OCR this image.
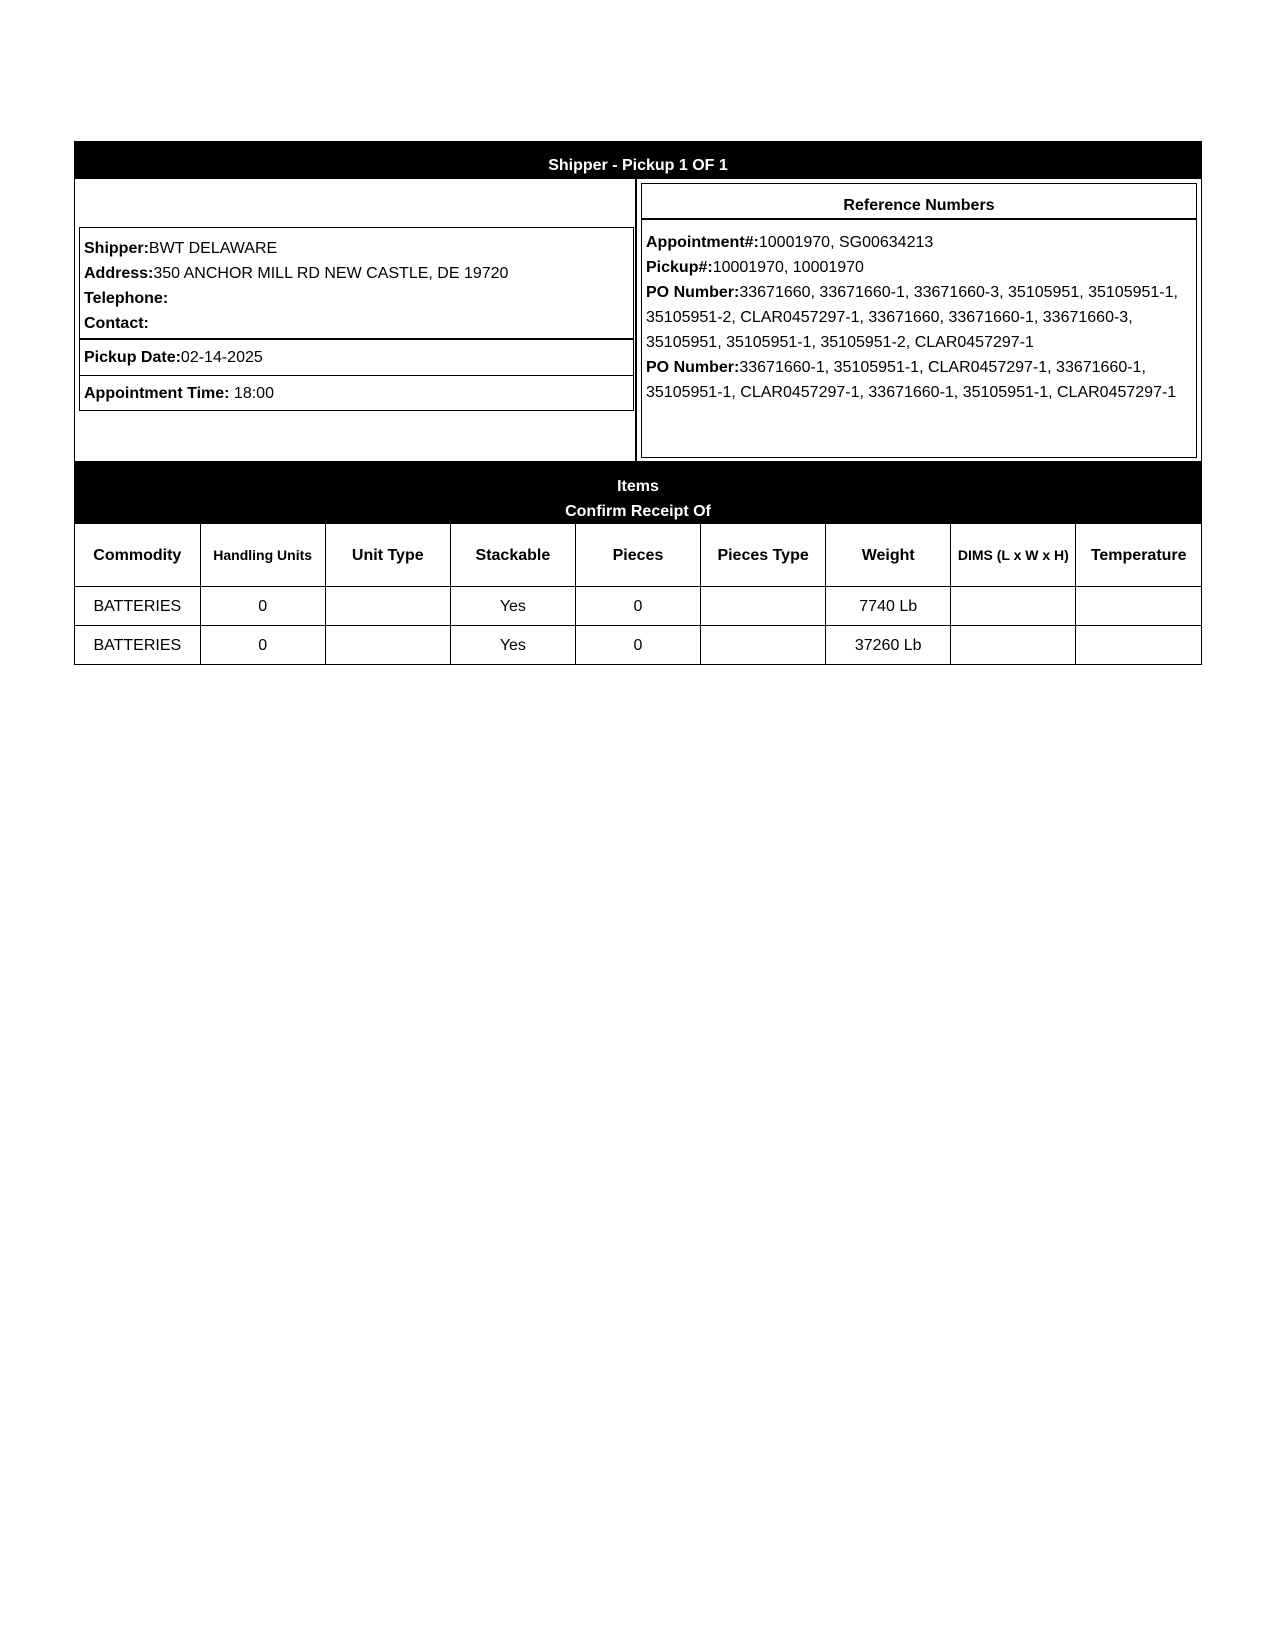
Shipper - Pickup 1 OF 1
Shipper:BWT DELAWARE
Address:350 ANCHOR MILL RD NEW CASTLE, DE 19720
Telephone:
Contact:
Pickup Date:02-14-2025
Appointment Time: 18:00
Reference Numbers
Appointment#:10001970, SG00634213
Pickup#:10001970, 10001970
PO Number:33671660, 33671660-1, 33671660-3, 35105951, 35105951-1, 35105951-2, CLAR0457297-1, 33671660, 33671660-1, 33671660-3, 35105951, 35105951-1, 35105951-2, CLAR0457297-1
PO Number:33671660-1, 35105951-1, CLAR0457297-1, 33671660-1, 35105951-1, CLAR0457297-1, 33671660-1, 35105951-1, CLAR0457297-1
Items
Confirm Receipt Of
Commodity	Handling Units	Unit Type	Stackable	Pieces	Pieces Type	Weight	DIMS (L x W x H)	Temperature
BATTERIES	0		Yes	0		7740 Lb		
BATTERIES	0		Yes	0		37260 Lb		
